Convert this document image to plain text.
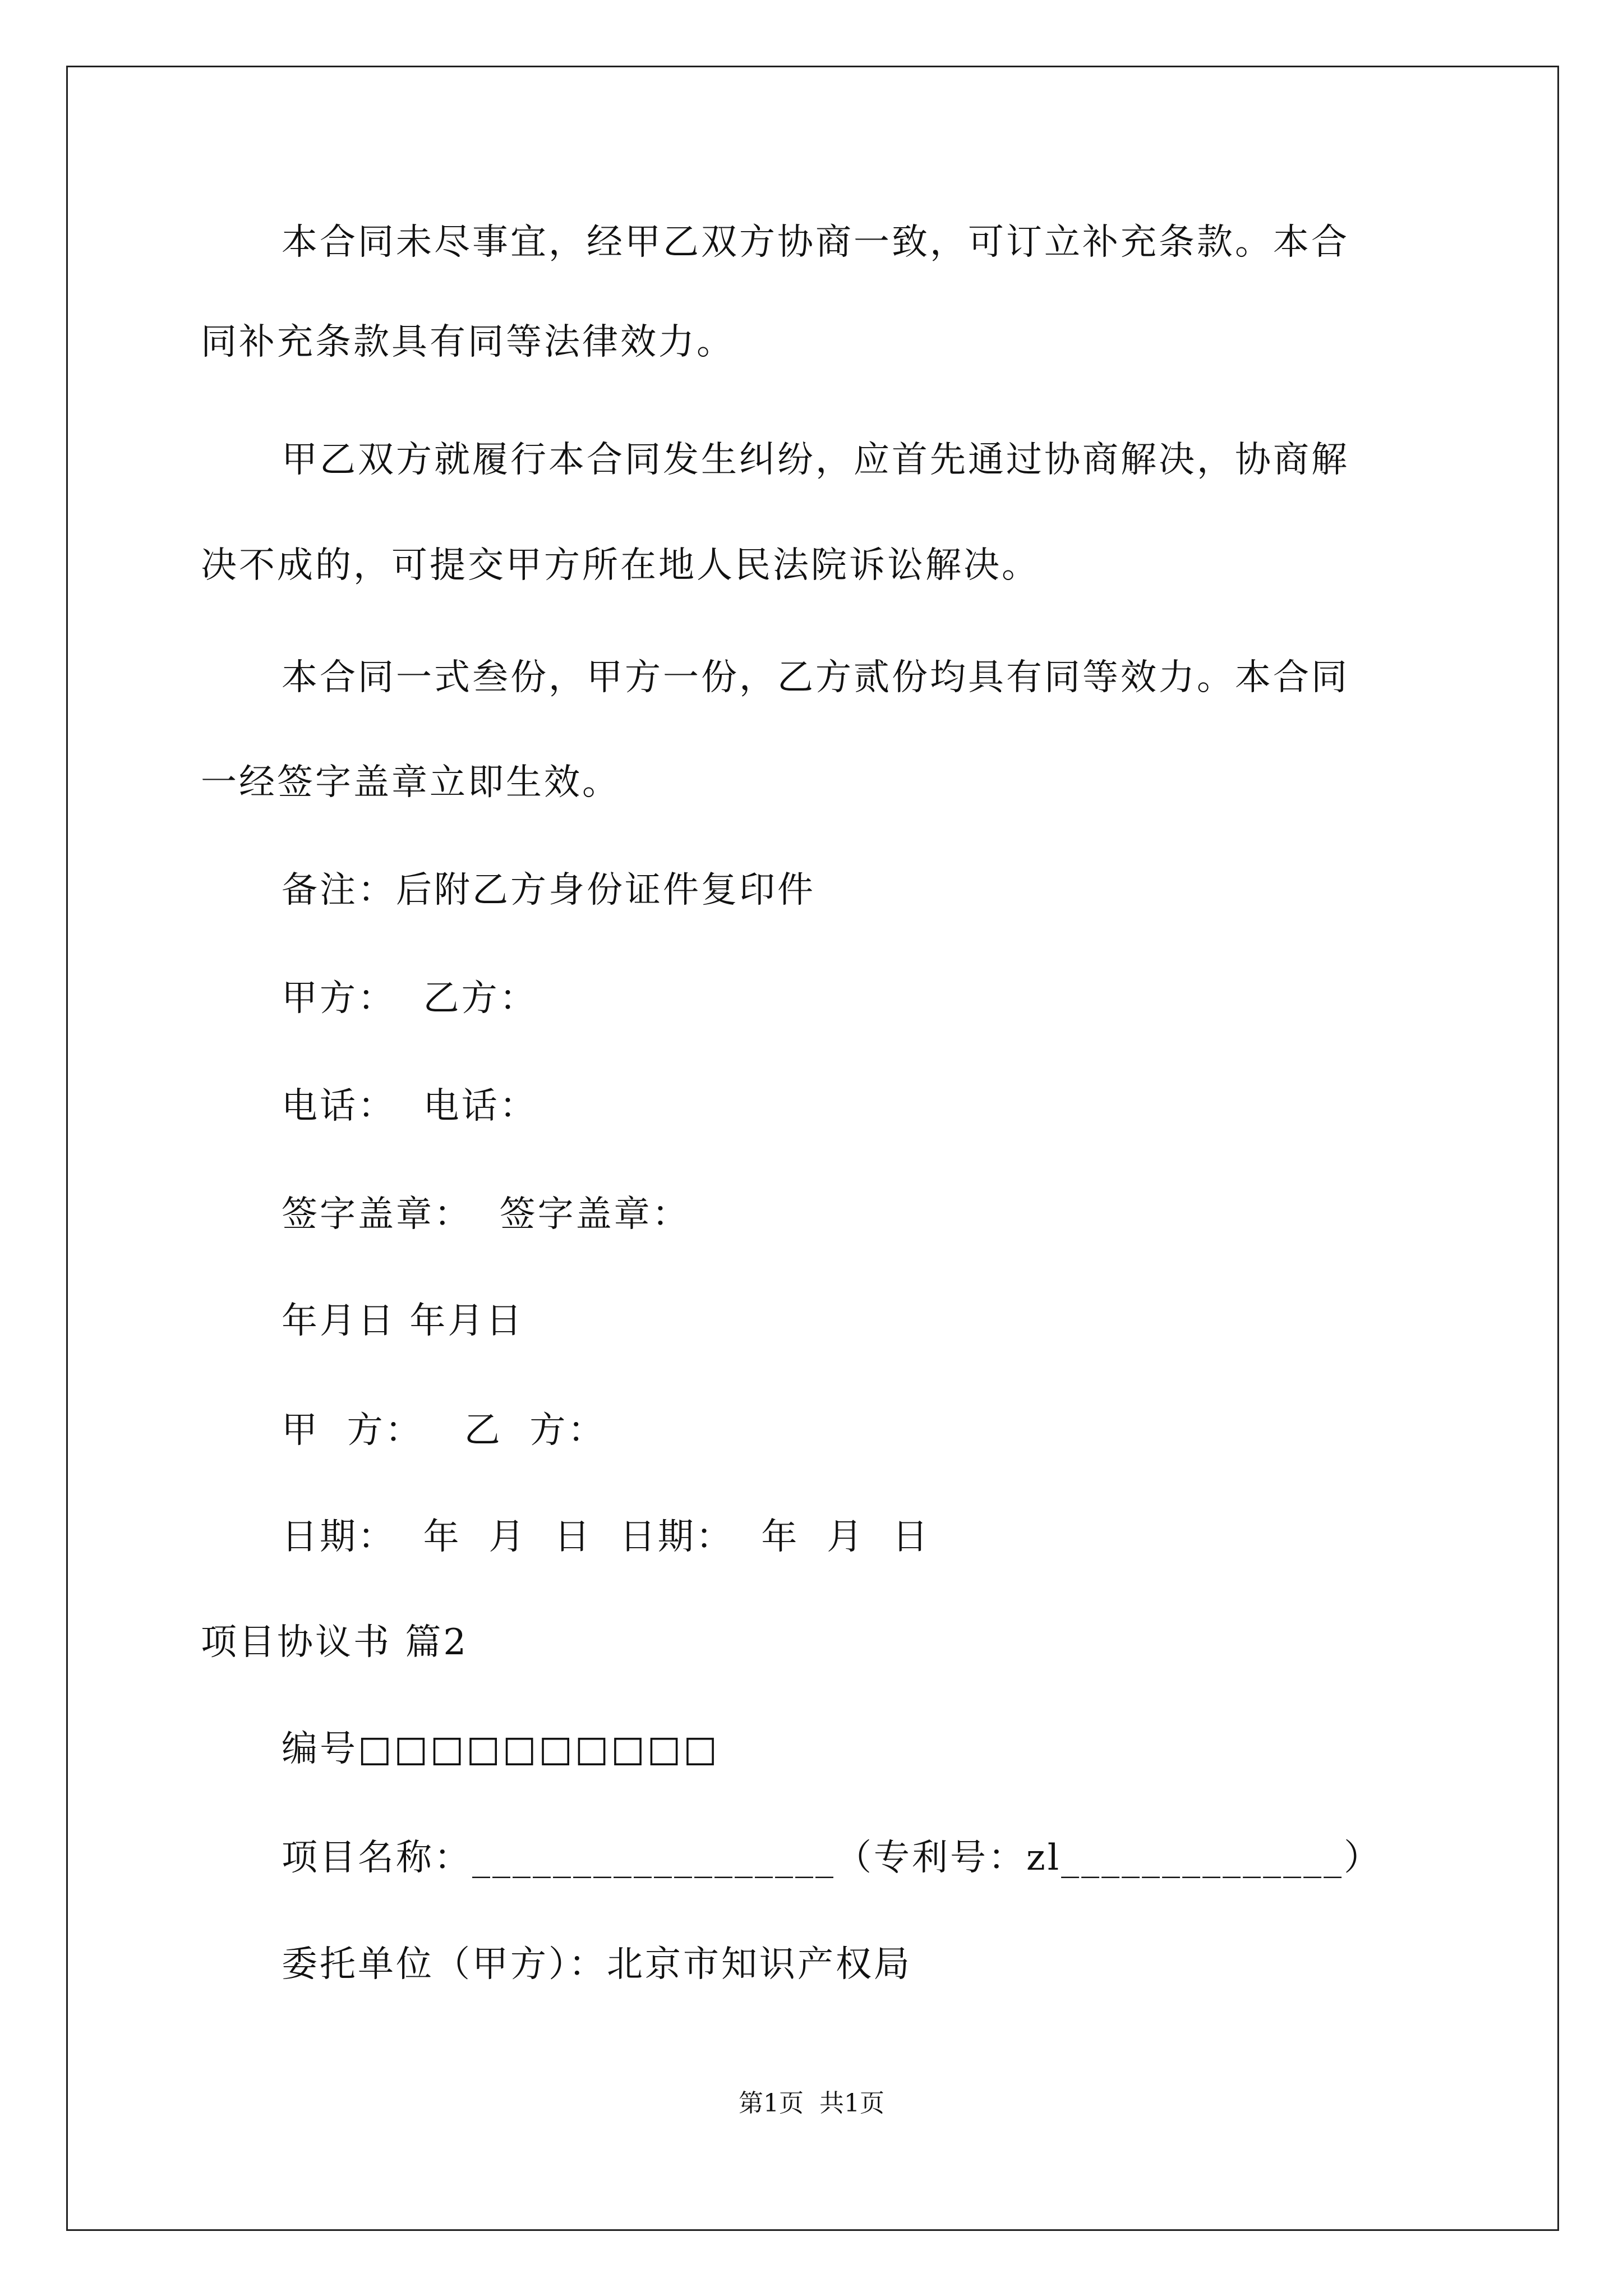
本合同未尽事宜，经甲乙双方协商一致，可订立补充条款。本合
同补充条款具有同等法律效力。
甲乙双方就履行本合同发生纠纷，应首先通过协商解决，协商解
决不成的，可提交甲方所在地人民法院诉讼解决。
本合同一式叁份，甲方一份，乙方贰份均具有同等效力。本合同
一经签字盖章立即生效。
备注：后附乙方身份证件复印件
甲方：  乙方：
电话：  电话：
签字盖章：  签字盖章：
年月日 年月日
甲  方：   乙  方：
日期：  年  月  日  日期：  年  月  日
项目协议书 篇2
编号□□□□□□□□□□
项目名称：__________________（专利号：zl______________）
委托单位（甲方）：北京市知识产权局
第1页  共1页
